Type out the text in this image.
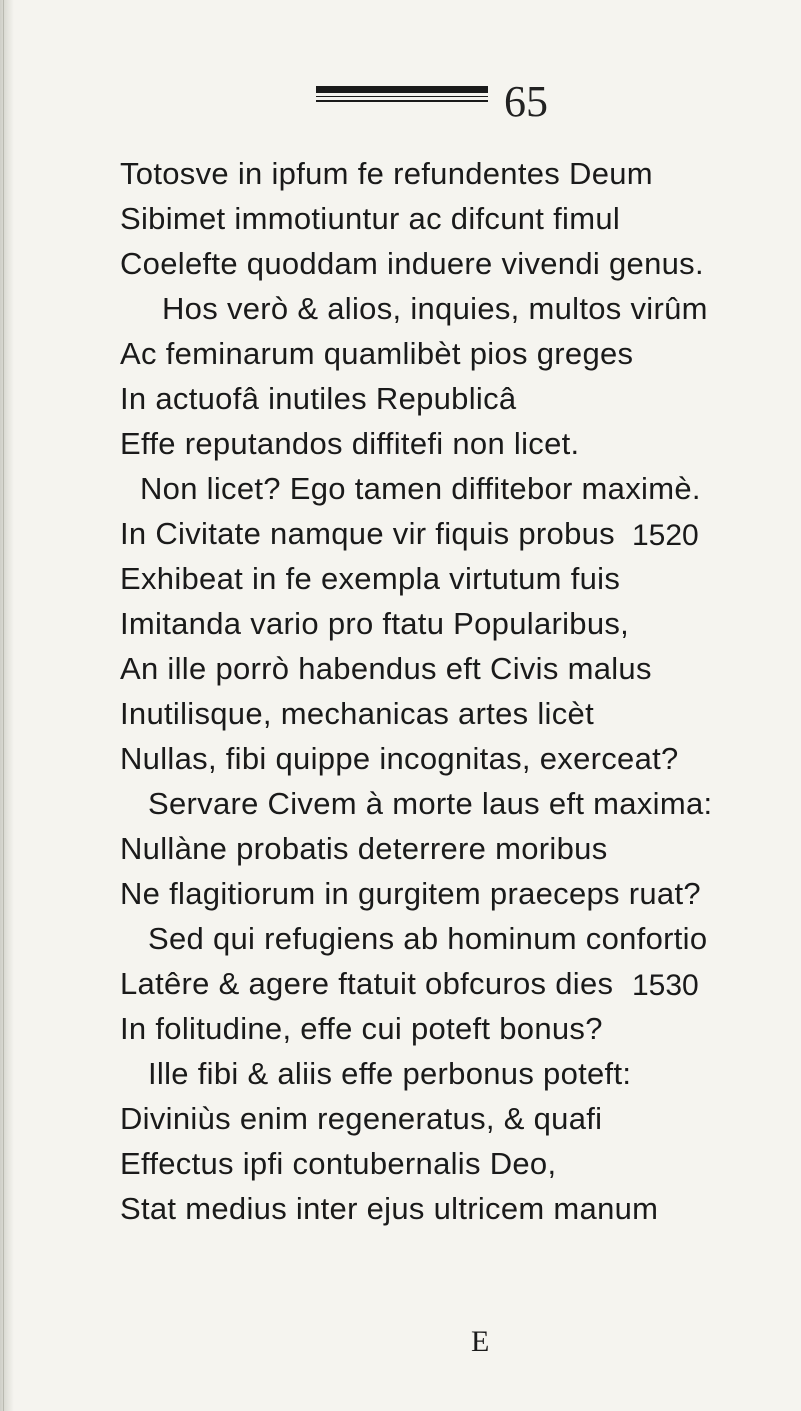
65
Totosve in ipfum fe refundentes Deum
Sibimet immotiuntur ac difcunt fimul
Coelefte quoddam induere vivendi genus.
Hos verò & alios, inquies, multos virûm
Ac feminarum quamlibèt pios greges
In actuofâ inutiles Republicâ
Effe reputandos diffitefi non licet.
Non licet? Ego tamen diffitebor maximè.
In Civitate namque vir fiquis probus 1520
Exhibeat in fe exempla virtutum fuis
Imitanda vario pro ftatu Popularibus,
An ille porrò habendus eft Civis malus
Inutilisque, mechanicas artes licèt
Nullas, fibi quippe incognitas, exerceat?
Servare Civem à morte laus eft maxima:
Nullàne probatis deterrere moribus
Ne flagitiorum in gurgitem praeceps ruat?
Sed qui refugiens ab hominum confortio
Latêre & agere ftatuit obfcuros dies 1530
In folitudine, effe cui poteft bonus?
Ille fibi & aliis effe perbonus poteft:
Diviniùs enim regeneratus, & quafi
Effectus ipfi contubernalis Deo,
Stat medius inter ejus ultricem manum
E
